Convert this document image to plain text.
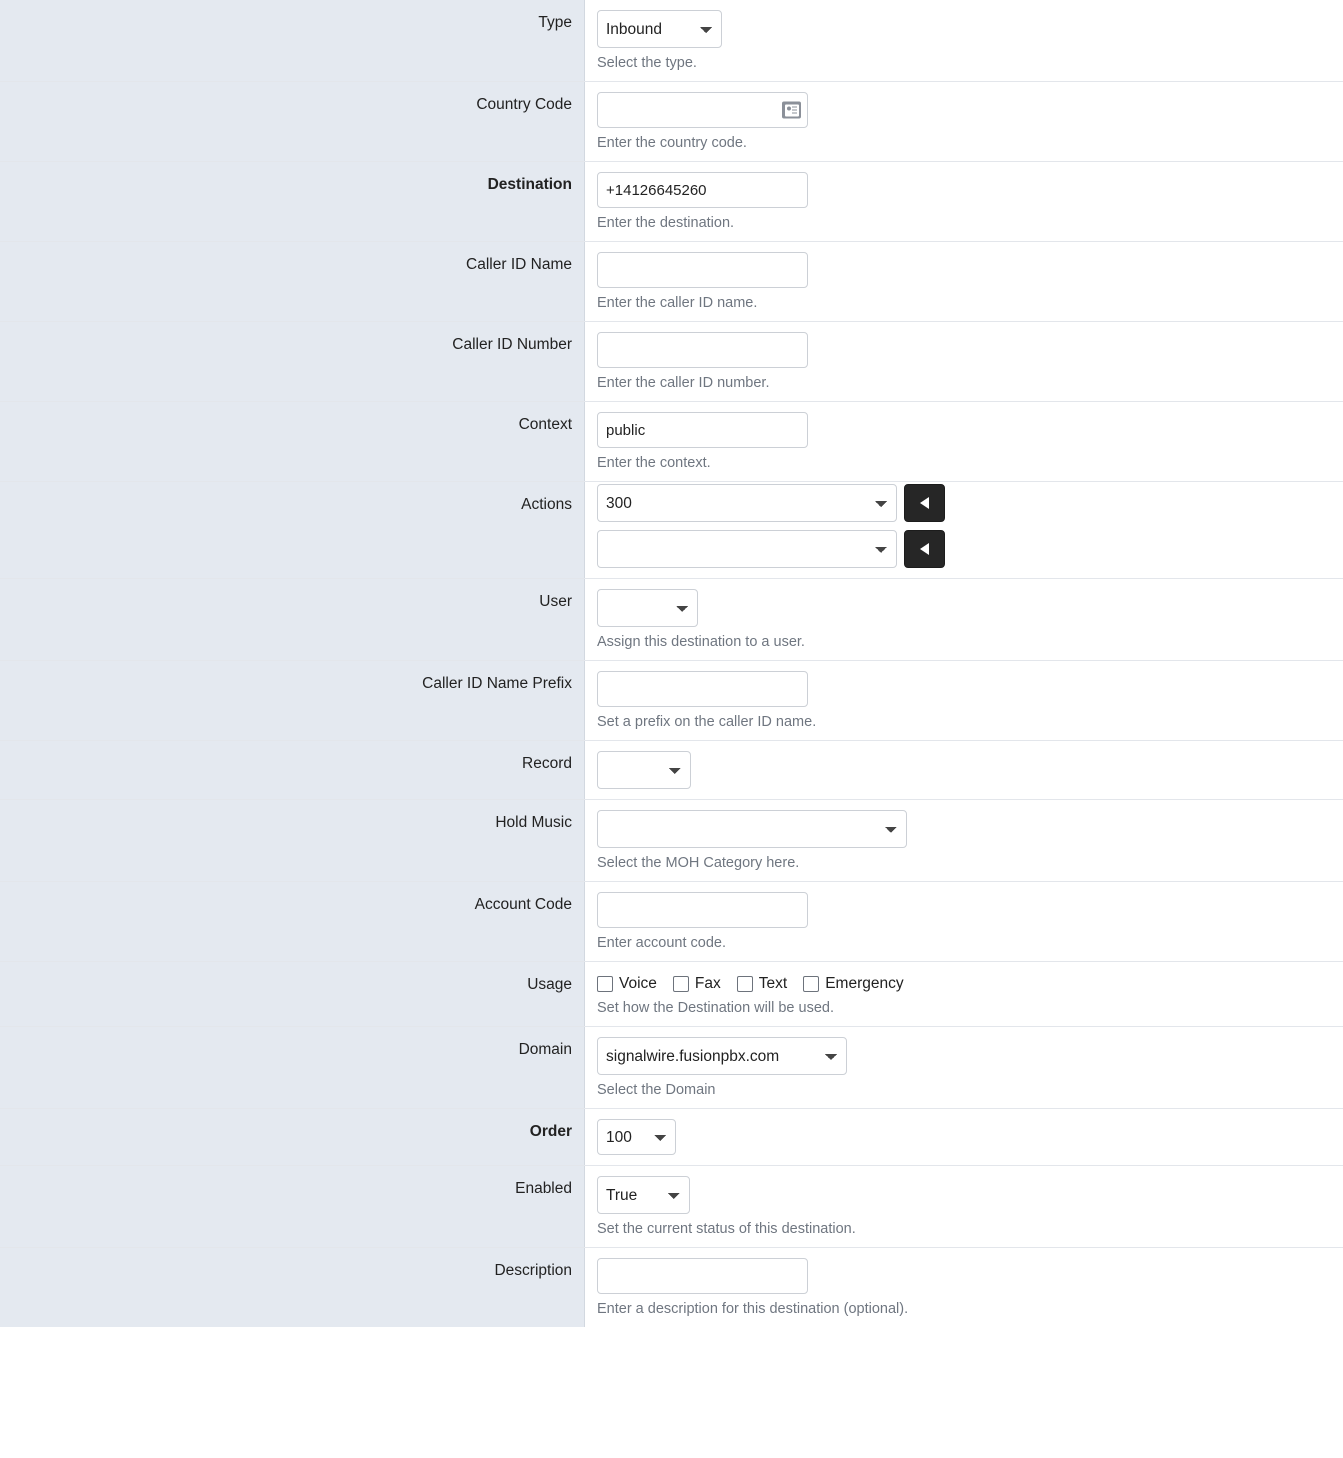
Type
Inbound
Select the type.
Country Code
Enter the country code.
Destination
+14126645260
Enter the destination.
Caller ID Name
Enter the caller ID name.
Caller ID Number
Enter the caller ID number.
Context
public
Enter the context.
Actions
300
User
Assign this destination to a user.
Caller ID Name Prefix
Set a prefix on the caller ID name.
Record
Hold Music
Select the MOH Category here.
Account Code
Enter account code.
Usage	Voice Fax Text Emergency
Set how the Destination will be used.
Domain
signalwire.fusionpbx.com
Select the Domain
Order
100
Enabled
True
Set the current status of this destination.
Description
Enter a description for this destination (optional).
